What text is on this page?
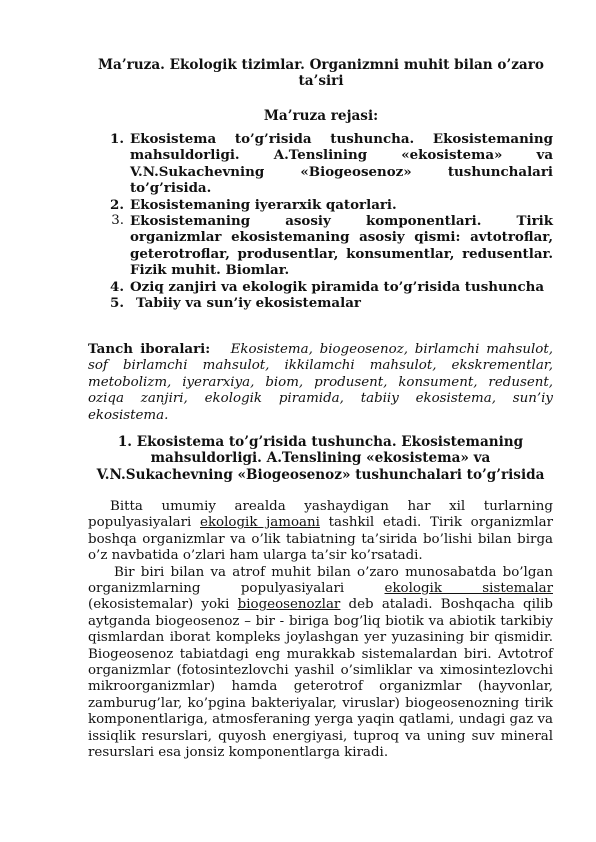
Ma’ruza. Ekologik tizimlar. Organizmni muhit bilan o’zaro ta’siri
Ma’ruza rejasi:
1. Ekosistema to’g’risida tushuncha. Ekosistemaning mahsuldorligi. A.Tenslining «ekosistema» va V.N.Sukachevning «Biogeosenoz» tushunchalari to’g’risida.
2. Ekosistemaning iyerarxik qatorlari.
3. Ekosistemaning asosiy komponentlari. Tirik organizmlar ekosistemaning asosiy qismi: avtotroflar, geterotroflar, produsentlar, konsumentlar, redusentlar. Fizik muhit. Biomlar.
4. Oziq zanjiri va ekologik piramida to’g’risida tushuncha
5. Tabiiy va sun’iy ekosistemalar
Tanch iboralari: Ekosistema, biogeosenoz, birlamchi mahsulot, sof birlamchi mahsulot, ikkilamchi mahsulot, ekskrementlar, metobolizm, iyerarxiya, biom, produsent, konsument, redusent, oziqa zanjiri, ekologik piramida, tabiiy ekosistema, sun’iy ekosistema.
1. Ekosistema to’g’risida tushuncha. Ekosistemaning mahsuldorligi. A.Tenslining «ekosistema» va V.N.Sukachevning «Biogeosenoz» tushunchalari to’g’risida

Bitta umumiy arealda yashaydigan har xil turlarning populyasiyalari ekologik jamoani tashkil etadi. Tirik organizmlar boshqa organizmlar va o’lik tabiatning ta’sirida bo’lishi bilan birga o’z navbatida o’zlari ham ularga ta’sir ko’rsatadi.

Bir biri bilan va atrof muhit bilan o’zaro munosabatda bo’lgan organizmlarning populyasiyalari ekologik sistemalar (ekosistemalar) yoki biogeosenozlar deb ataladi. Boshqacha qilib aytganda biogeosenoz – bir - biriga bog’liq biotik va abiotik tarkibiy qismlardan iborat kompleks joylashgan yer yuzasining bir qismidir. Biogeosenoz tabiatdagi eng murakkab sistemalardan biri. Avtotrof organizmlar (fotosintezlovchi yashil o’simliklar va ximosintezlovchi mikroorganizmlar) hamda geterotrof organizmlar (hayvonlar, zamburug’lar, ko’pgina bakteriyalar, viruslar) biogeosenozning tirik komponentlariga, atmosferaning yerga yaqin qatlami, undagi gaz va issiqlik resurslari, quyosh energiyasi, tuproq va uning suv mineral resurslari esa jonsiz komponentlarga kiradi.
